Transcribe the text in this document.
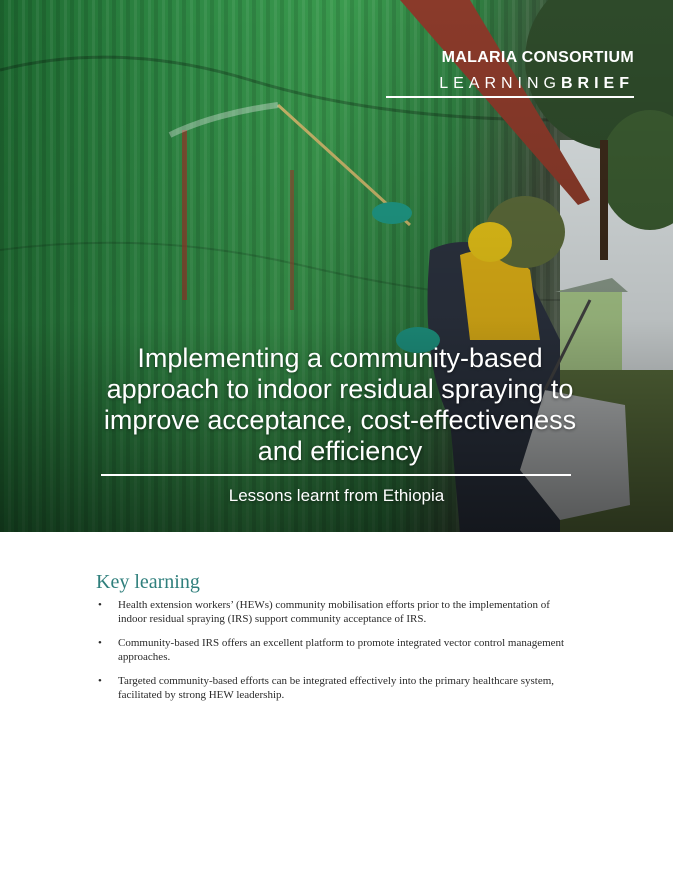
MALARIA CONSORTIUM
LEARNINGBRIEF
Implementing a community-based approach to indoor residual spraying to improve acceptance, cost-effectiveness and efficiency
Lessons learnt from Ethiopia
Key learning
• Health extension workers’ (HEWs) community mobilisation efforts prior to the implementation of indoor residual spraying (IRS) support community acceptance of IRS.
• Community-based IRS offers an excellent platform to promote integrated vector control management approaches.
• Targeted community-based efforts can be integrated effectively into the primary healthcare system, facilitated by strong HEW leadership.
